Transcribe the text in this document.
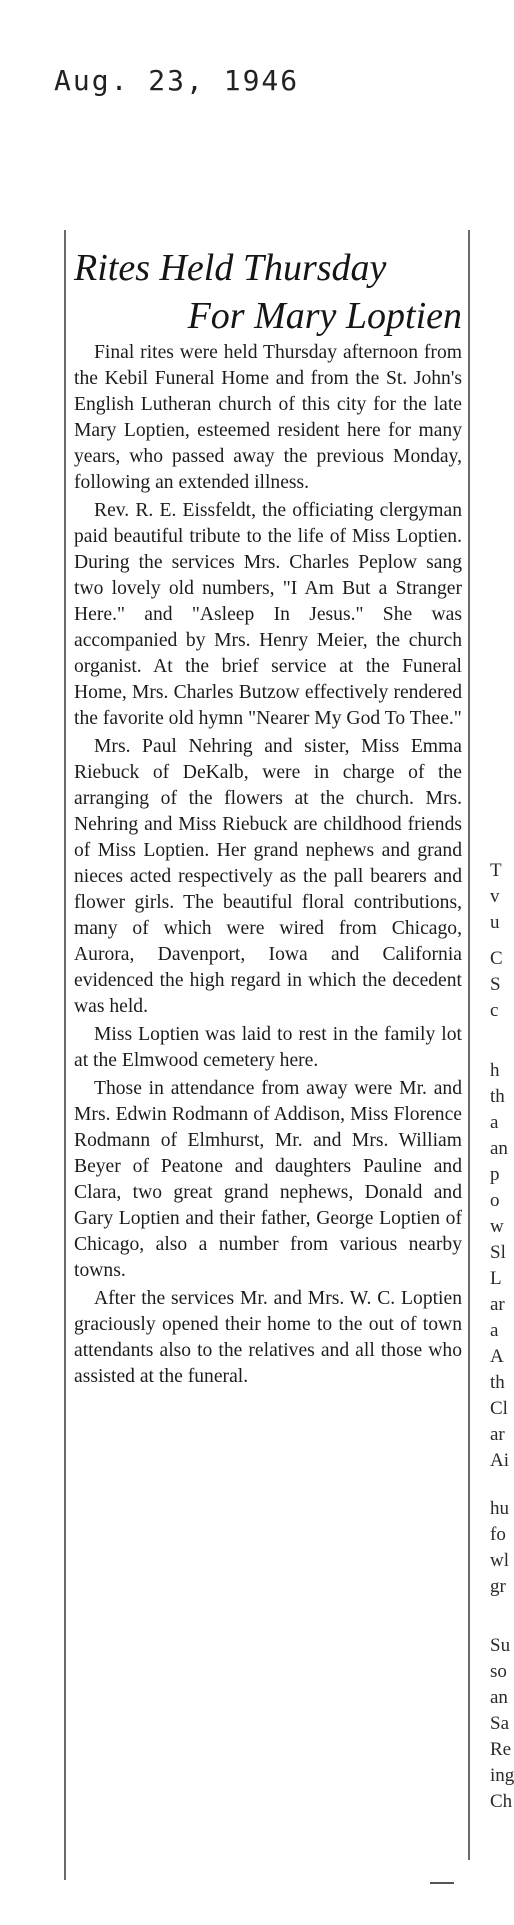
Aug. 23, 1946
Rites Held Thursday
For Mary Loptien

Final rites were held Thursday afternoon from the Kebil Funeral Home and from the St. John's English Lutheran church of this city for the late Mary Loptien, esteemed resident here for many years, who passed away the previous Monday, following an extended illness.

Rev. R. E. Eissfeldt, the officiating clergyman paid beautiful tribute to the life of Miss Loptien. During the services Mrs. Charles Peplow sang two lovely old numbers, "I Am But a Stranger Here." and "Asleep In Jesus." She was accompanied by Mrs. Henry Meier, the church organist. At the brief service at the Funeral Home, Mrs. Charles Butzow effectively rendered the favorite old hymn "Nearer My God To Thee."

Mrs. Paul Nehring and sister, Miss Emma Riebuck of DeKalb, were in charge of the arranging of the flowers at the church. Mrs. Nehring and Miss Riebuck are childhood friends of Miss Loptien. Her grand nephews and grand nieces acted respectively as the pall bearers and flower girls. The beautiful floral contributions, many of which were wired from Chicago, Aurora, Davenport, Iowa and California evidenced the high regard in which the decedent was held.

Miss Loptien was laid to rest in the family lot at the Elmwood cemetery here.

Those in attendance from away were Mr. and Mrs. Edwin Rodmann of Addison, Miss Florence Rodmann of Elmhurst, Mr. and Mrs. William Beyer of Peatone and daughters Pauline and Clara, two great grand nephews, Donald and Gary Loptien and their father, George Loptien of Chicago, also a number from various nearby towns.

After the services Mr. and Mrs. W. C. Loptien graciously opened their home to the out of town attendants also to the relatives and all those who assisted at the funeral.

T
v
u
C
S
c
h
th
a
an
p
o
w
Sl
L
ar
a
A
th
Cl
ar
Ai
hu
fo
wl
gr
Su
so
an
Sa
Re
ing
Ch
